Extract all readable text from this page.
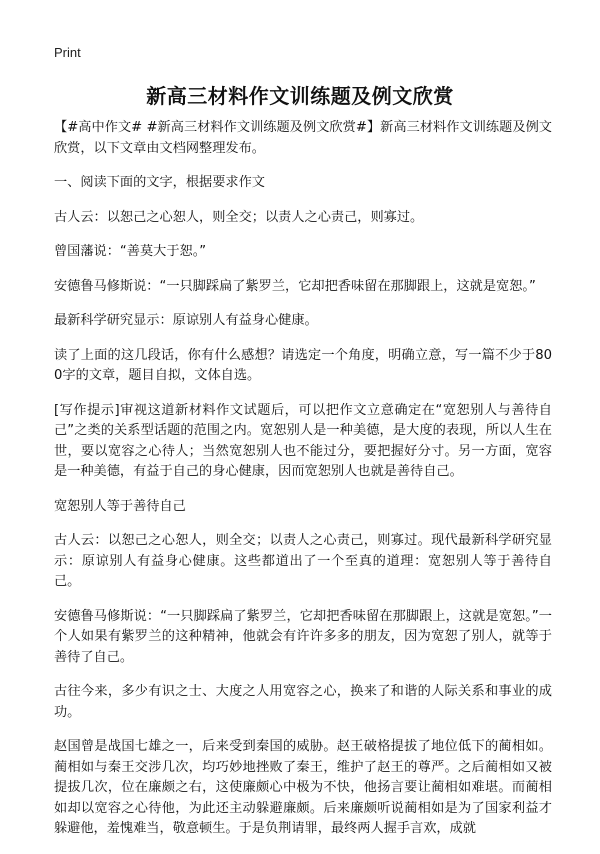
Print
新高三材料作文训练题及例文欣赏

【#高中作文# #新高三材料作文训练题及例文欣赏#】新高三材料作文训练题及例文欣赏，以下文章由文档网整理发布。

一、阅读下面的文字，根据要求作文

古人云：以恕己之心恕人，则全交；以责人之心责己，则寡过。

曾国藩说：“善莫大于恕。”

安德鲁马修斯说：“一只脚踩扁了紫罗兰，它却把香味留在那脚跟上，这就是宽恕。”

最新科学研究显示：原谅别人有益身心健康。

读了上面的这几段话，你有什么感想？请选定一个角度，明确立意，写一篇不少于800字的文章，题目自拟，文体自选。

[写作提示]审视这道新材料作文试题后，可以把作文立意确定在“宽恕别人与善待自己”之类的关系型话题的范围之内。宽恕别人是一种美德，是大度的表现，所以人生在世，要以宽容之心待人；当然宽恕别人也不能过分，要把握好分寸。另一方面，宽容是一种美德，有益于自己的身心健康，因而宽恕别人也就是善待自己。

宽恕别人等于善待自己

古人云：以恕己之心恕人，则全交；以责人之心责己，则寡过。现代最新科学研究显示：原谅别人有益身心健康。这些都道出了一个至真的道理：宽恕别人等于善待自己。

安德鲁马修斯说：“一只脚踩扁了紫罗兰，它却把香味留在那脚跟上，这就是宽恕。”一个人如果有紫罗兰的这种精神，他就会有许许多多的朋友，因为宽恕了别人，就等于善待了自己。

古往今来，多少有识之士、大度之人用宽容之心，换来了和谐的人际关系和事业的成功。

赵国曾是战国七雄之一，后来受到秦国的威胁。赵王破格提拔了地位低下的蔺相如。蔺相如与秦王交涉几次，均巧妙地挫败了秦王，维护了赵王的尊严。之后蔺相如又被提拔几次，位在廉颇之右，这使廉颇心中极为不快，他扬言要让蔺相如难堪。而蔺相如却以宽容之心待他，为此还主动躲避廉颇。后来廉颇听说蔺相如是为了国家利益才躲避他，羞愧难当，敬意顿生。于是负荆请罪，最终两人握手言欢，成就
